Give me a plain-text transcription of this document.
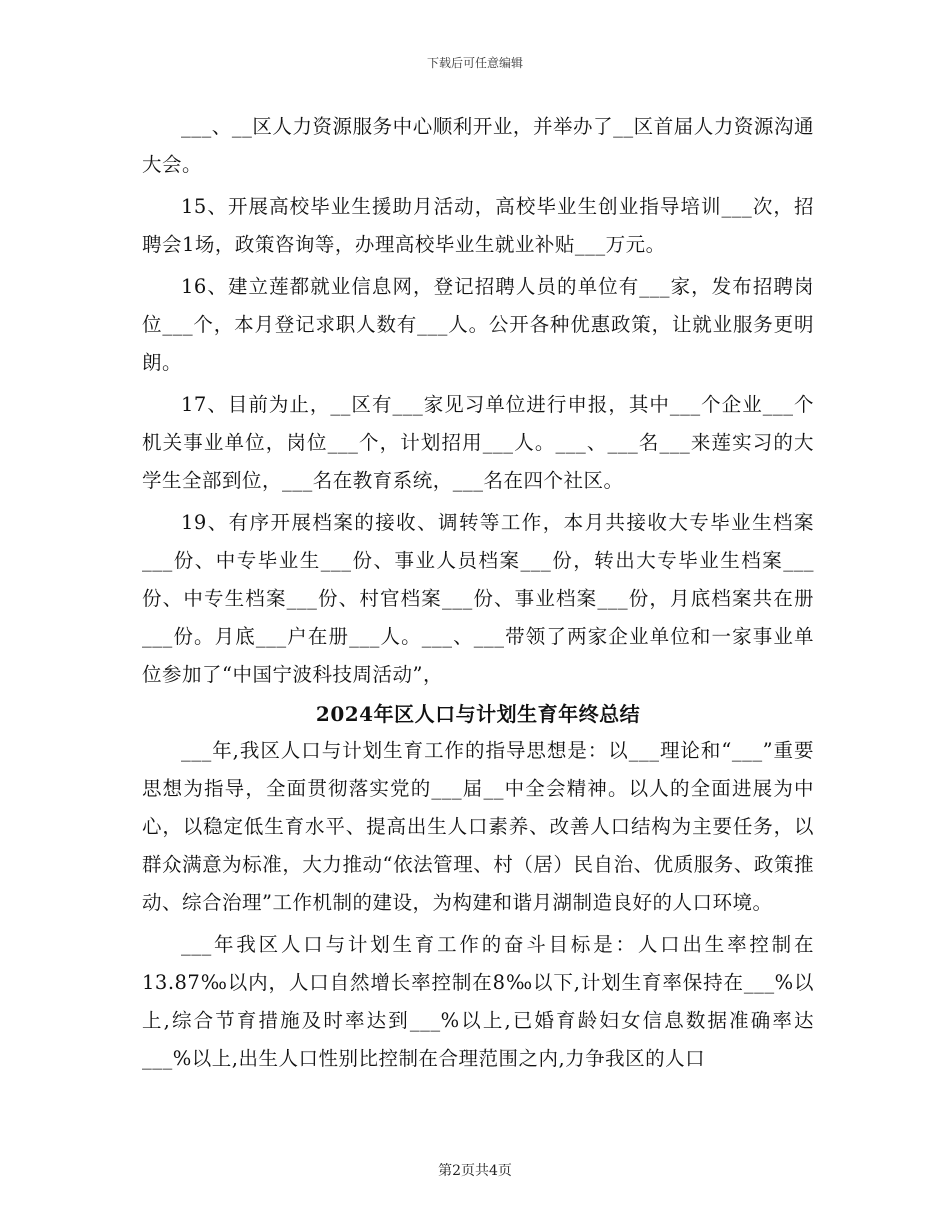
下载后可任意编辑

___、__区人力资源服务中心顺利开业，并举办了__区首届人力资源沟通大会。

15、开展高校毕业生援助月活动，高校毕业生创业指导培训___次，招聘会1场，政策咨询等，办理高校毕业生就业补贴___万元。

16、建立莲都就业信息网，登记招聘人员的单位有___家，发布招聘岗位___个，本月登记求职人数有___人。公开各种优惠政策，让就业服务更明朗。

17、目前为止，__区有___家见习单位进行申报，其中___个企业___个机关事业单位，岗位___个，计划招用___人。___、___名___来莲实习的大学生全部到位，___名在教育系统，___名在四个社区。

19、有序开展档案的接收、调转等工作，本月共接收大专毕业生档案___份、中专毕业生___份、事业人员档案___份，转出大专毕业生档案___份、中专生档案___份、村官档案___份、事业档案___份，月底档案共在册___份。月底___户在册___人。___、___带领了两家企业单位和一家事业单位参加了“中国宁波科技周活动”，

2024年区人口与计划生育年终总结

___年,我区人口与计划生育工作的指导思想是：以___理论和“___”重要思想为指导，全面贯彻落实党的___届__中全会精神。以人的全面进展为中心，以稳定低生育水平、提高出生人口素养、改善人口结构为主要任务，以群众满意为标准，大力推动“依法管理、村（居）民自治、优质服务、政策推动、综合治理”工作机制的建设，为构建和谐月湖制造良好的人口环境。

___年我区人口与计划生育工作的奋斗目标是：人口出生率控制在13.87‰以内，人口自然增长率控制在8‰以下,计划生育率保持在___%以上,综合节育措施及时率达到___%以上,已婚育龄妇女信息数据准确率达___%以上,出生人口性别比控制在合理范围之内,力争我区的人口

第2页共4页
